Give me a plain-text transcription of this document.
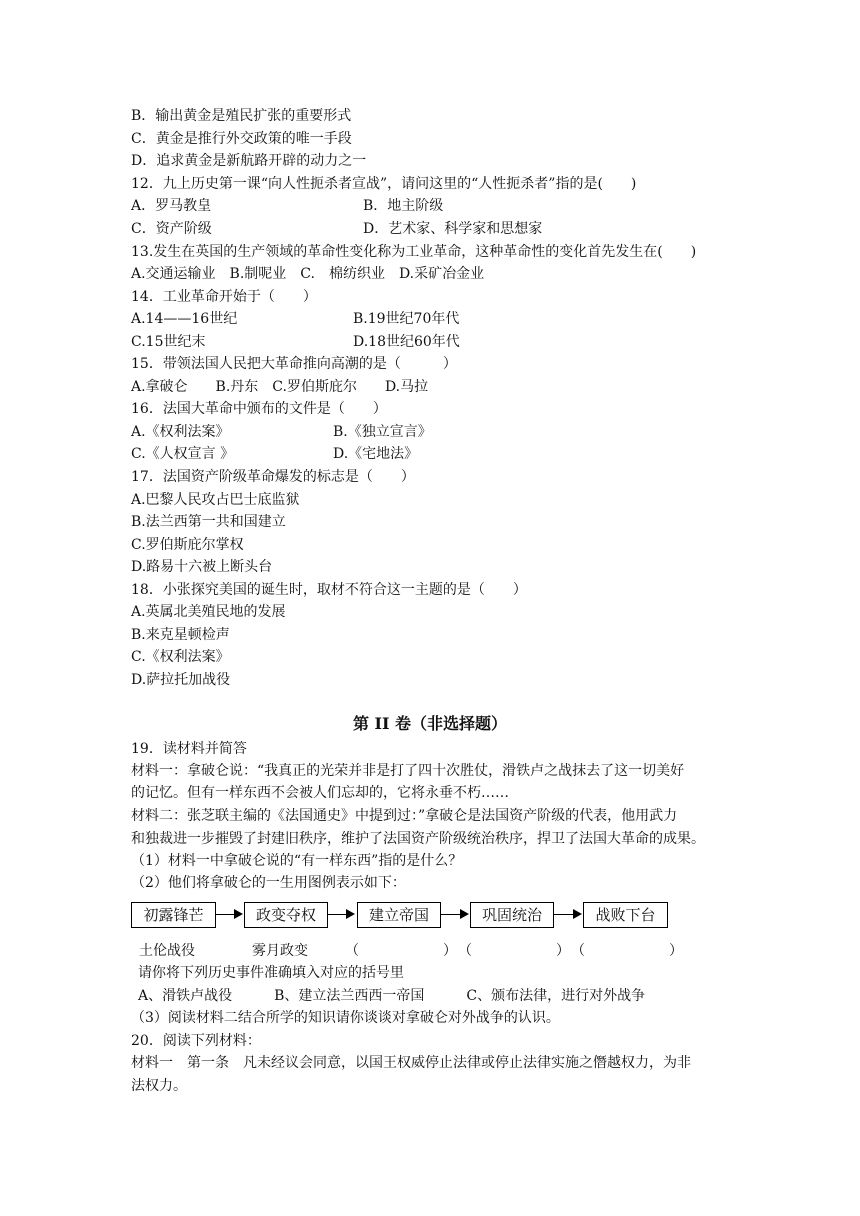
B．输出黄金是殖民扩张的重要形式
C．黄金是推行外交政策的唯一手段
D．追求黄金是新航路开辟的动力之一
12．九上历史第一课“向人性扼杀者宣战”，请问这里的“人性扼杀者”指的是(　　)
A．罗马教皇	B．地主阶级
C．资产阶级	D．艺术家、科学家和思想家
13.发生在英国的生产领域的革命性变化称为工业革命，这种革命性的变化首先发生在(　　)
A.交通运输业　B.制呢业　C.　棉纺织业　D.采矿冶金业
14．工业革命开始于（　　）
A.14——16世纪	B.19世纪70年代
C.15世纪末	D.18世纪60年代
15．带领法国人民把大革命推向高潮的是（　　　）
A.拿破仑　　B.丹东　C.罗伯斯庇尔　　D.马拉
16．法国大革命中颁布的文件是（　　）
A.《权利法案》	B.《独立宣言》
C.《人权宣言 》	D.《宅地法》
17．法国资产阶级革命爆发的标志是（　　）
A.巴黎人民攻占巴士底监狱
B.法兰西第一共和国建立
C.罗伯斯庇尔掌权
D.路易十六被上断头台
18．小张探究美国的诞生时，取材不符合这一主题的是（　　）
A.英属北美殖民地的发展
B.来克星顿检声
C.《权利法案》
D.萨拉托加战役
第 II 卷（非选择题）
19．读材料并简答
材料一：拿破仑说：“我真正的光荣并非是打了四十次胜仗，滑铁卢之战抹去了这一切美好
的记忆。但有一样东西不会被人们忘却的，它将永垂不朽……
材料二：张芝联主编的《法国通史》中提到过：”拿破仑是法国资产阶级的代表，他用武力
和独裁进一步摧毁了封建旧秩序，维护了法国资产阶级统治秩序，捍卫了法国大革命的成果。
（1）材料一中拿破仑说的“有一样东西”指的是什么？
（2）他们将拿破仑的一生用图例表示如下：
初露锋芒	政变夺权	建立帝国	巩固统治	战败下台
土伦战役	雾月政变	（　　　　　　） （　　　　　　） （　　　　　　）
请你将下列历史事件准确填入对应的括号里
A、滑铁卢战役　　　B、建立法兰西西一帝国　　　C、颁布法律，进行对外战争
（3）阅读材料二结合所学的知识请你谈谈对拿破仑对外战争的认识。
20．阅读下列材料：
材料一　第一条　凡未经议会同意，以国王权威停止法律或停止法律实施之僭越权力，为非
法权力。
